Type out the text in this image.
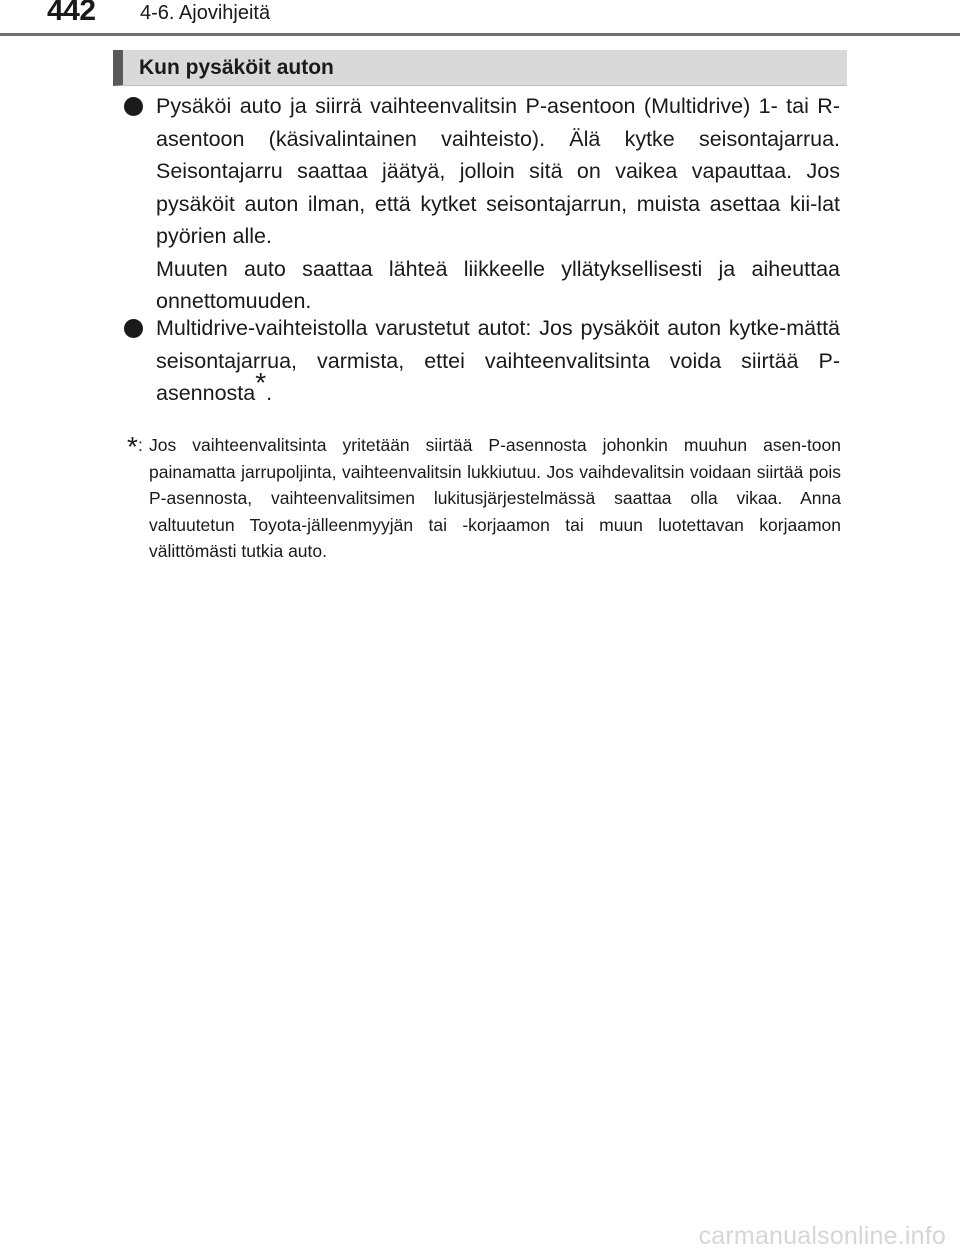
442 4-6. Ajovihjeitä
Kun pysäköit auton

Pysäköi auto ja siirrä vaihteenvalitsin P-asentoon (Multidrive) 1- tai R-asentoon (käsivalintainen vaihteisto). Älä kytke seisontajarrua. Seisontajarru saattaa jäätyä, jolloin sitä on vaikea vapauttaa. Jos pysäköit auton ilman, että kytket seisontajarrun, muista asettaa kii-lat pyörien alle.

Muuten auto saattaa lähteä liikkeelle yllätyksellisesti ja aiheuttaa onnettomuuden.

Multidrive-vaihteistolla varustetut autot: Jos pysäköit auton kytke-mättä seisontajarrua, varmista, ettei vaihteenvalitsinta voida siirtää P-asennosta*.

* : Jos vaihteenvalitsinta yritetään siirtää P-asennosta johonkin muuhun asen-toon painamatta jarrupoljinta, vaihteenvalitsin lukkiutuu. Jos vaihdevalitsin voidaan siirtää pois P-asennosta, vaihteenvalitsimen lukitusjärjestelmässä saattaa olla vikaa. Anna valtuutetun Toyota-jälleenmyyjän tai -korjaamon tai muun luotettavan korjaamon välittömästi tutkia auto.
carmanualsonline.info
